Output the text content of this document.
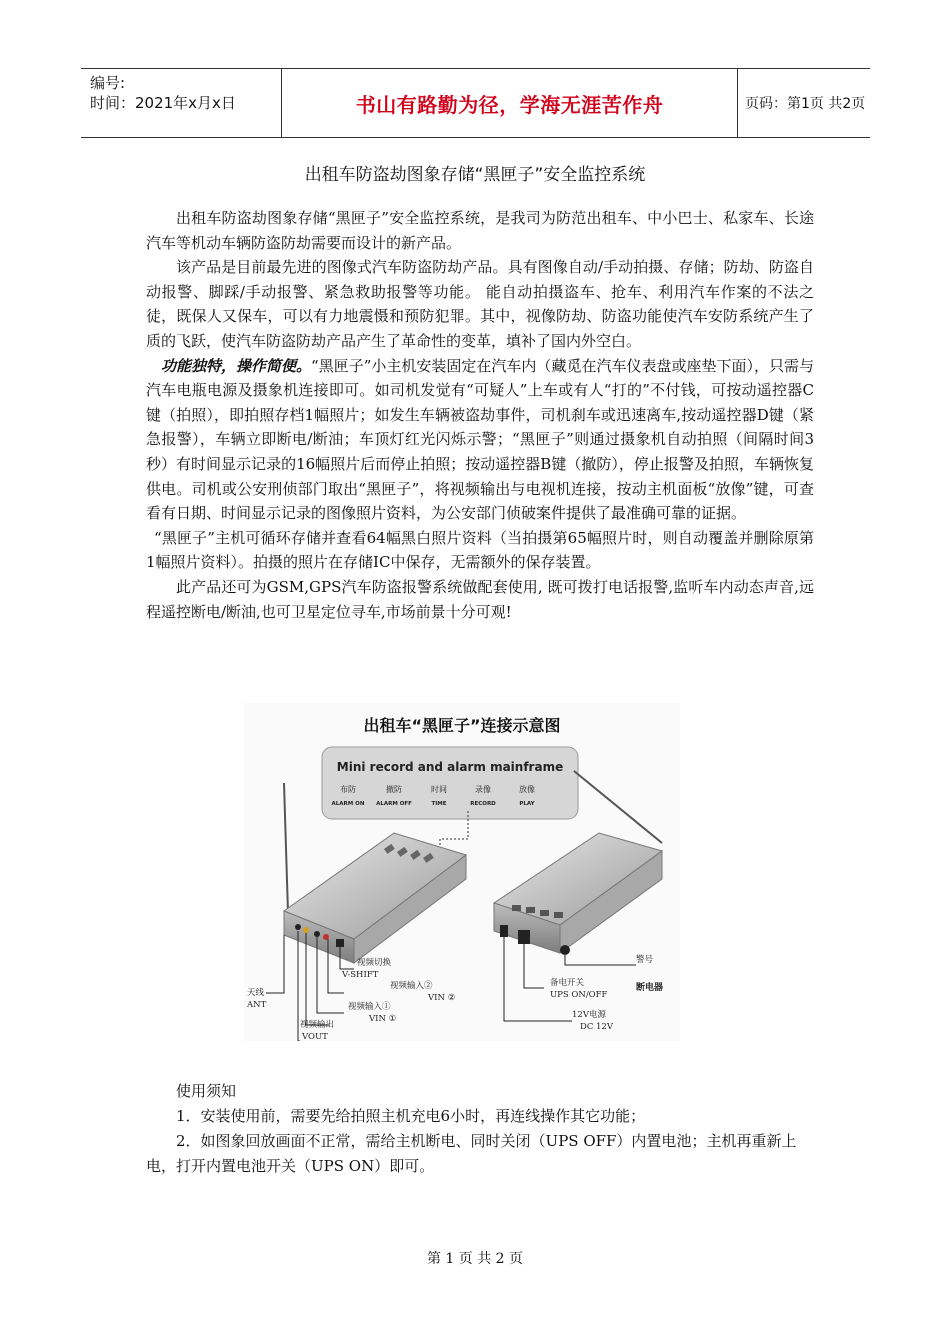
编号:
时间：2021年x月x日	书山有路勤为径，学海无涯苦作舟	页码：第1页 共2页
出租车防盗劫图象存储“黑匣子”安全监控系统

出租车防盗劫图象存储“黑匣子”安全监控系统，是我司为防范出租车、中小巴士、私家车、长途汽车等机动车辆防盗防劫需要而设计的新产品。

该产品是目前最先进的图像式汽车防盗防劫产品。具有图像自动/手动拍摄、存储；防劫、防盗自动报警、脚踩/手动报警、紧急救助报警等功能。 能自动拍摄盗车、抢车、利用汽车作案的不法之徒，既保人又保车，可以有力地震慑和预防犯罪。其中，视像防劫、防盗功能使汽车安防系统产生了质的飞跃，使汽车防盗防劫产品产生了革命性的变革，填补了国内外空白。

功能独特，操作简便。“黑匣子”小主机安装固定在汽车内（藏觅在汽车仪表盘或座垫下面），只需与汽车电瓶电源及摄象机连接即可。如司机发觉有“可疑人”上车或有人“打的”不付钱，可按动遥控器C键（拍照），即拍照存档1幅照片；如发生车辆被盗劫事件，司机刹车或迅速离车,按动遥控器D键（紧急报警），车辆立即断电/断油；车顶灯红光闪烁示警；“黑匣子”则通过摄象机自动拍照（间隔时间3秒）有时间显示记录的16幅照片后而停止拍照；按动遥控器B键（撤防），停止报警及拍照，车辆恢复供电。司机或公安刑侦部门取出“黑匣子”，将视频输出与电视机连接，按动主机面板“放像”键，可查看有日期、时间显示记录的图像照片资料，为公安部门侦破案件提供了最准确可靠的证据。

“黑匣子”主机可循环存储并查看64幅黑白照片资料（当拍摄第65幅照片时，则自动覆盖并删除原第1幅照片资料）。拍摄的照片在存储IC中保存，无需额外的保存装置。

此产品还可为GSM,GPS汽车防盗报警系统做配套使用, 既可拨打电话报警,监听车内动态声音,远程遥控断电/断油,也可卫星定位寻车,市场前景十分可观!

出租车“黑匣子”连接示意图
Mini record and alarm mainframe
布防
ALARM ON
撤防
ALARM OFF
时间
TIME
录像
RECORD
放像
PLAY
视频切换
V-SHIFT
视频输入②
VIN ②
视频输入①
VIN ①
视频输出
VOUT
天线
ANT
备电开关
UPS ON/OFF
12V电源
DC 12V
警号
断电器

使用须知

1．安装使用前，需要先给拍照主机充电6小时，再连线操作其它功能；

2．如图象回放画面不正常，需给主机断电、同时关闭（UPS OFF）内置电池；主机再重新上电，打开内置电池开关（UPS ON）即可。

第 1 页 共 2 页
